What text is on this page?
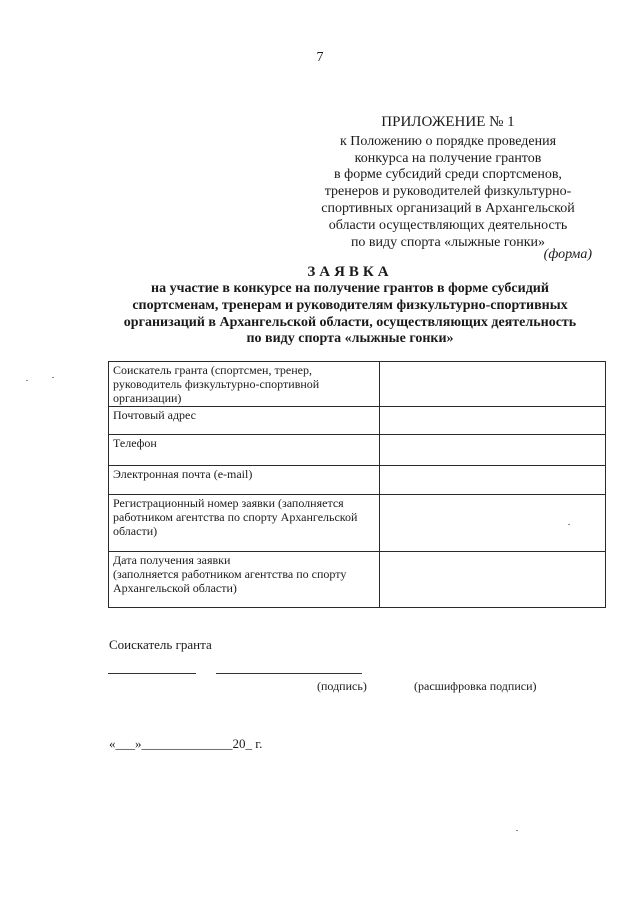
7
ПРИЛОЖЕНИЕ № 1
к Положению о порядке проведения
конкурса на получение грантов
в форме субсидий среди спортсменов,
тренеров и руководителей физкультурно-
спортивных организаций в Архангельской
области осуществляющих деятельность
по виду спорта «лыжные гонки»
(форма)
ЗАЯВКА
на участие в конкурсе на получение грантов в форме субсидий
спортсменам, тренерам и руководителям физкультурно-спортивных
организаций в Архангельской области, осуществляющих деятельность
по виду спорта «лыжные гонки»
Соискатель гранта (спортсмен, тренер,
руководитель физкультурно-спортивной
организации)	

Почтовый адрес	

Телефон	

Электронная почта (e-mail)	

Регистрационный номер заявки (заполняется
работником агентства по спорту Архангельской
области)	

Дата получения заявки
(заполняется работником агентства по спорту
Архангельской области)	

Соискатель гранта
(подпись)	(расшифровка подписи)
«___»______________20_ г.
